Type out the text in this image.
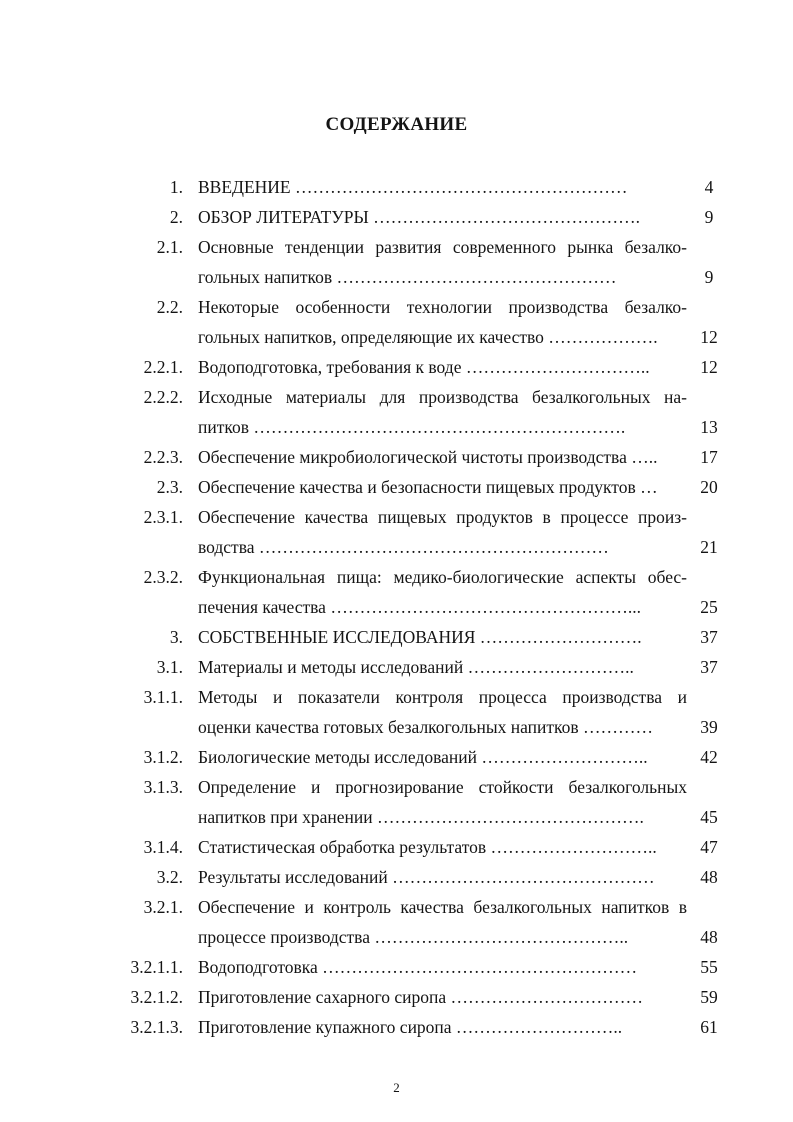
СОДЕРЖАНИЕ
1. ВВЕДЕНИЕ …………………………………………………	4
2. ОБЗОР ЛИТЕРАТУРЫ ……………………………………….	9
2.1. Основные тенденции развития современного рынка безалко-
гольных напитков …………………………………………	9
2.2. Некоторые особенности технологии производства безалко-
гольных напитков, определяющие их качество ……………….	12
2.2.1. Водоподготовка, требования к воде …………………………..	12
2.2.2. Исходные материалы для производства безалкогольных на-
питков ……………………………………………………….	13
2.2.3. Обеспечение микробиологической чистоты производства …..	17
2.3. Обеспечение качества и безопасности пищевых продуктов …	20
2.3.1. Обеспечение качества пищевых продуктов в процессе произ-
водства ……………………………………………………	21
2.3.2. Функциональная пища: медико-биологические аспекты обес-
печения качества ……………………………………………...	25
3. СОБСТВЕННЫЕ ИССЛЕДОВАНИЯ ……………………….	37
3.1. Материалы и методы исследований ………………………..	37
3.1.1. Методы и показатели контроля процесса производства и
оценки качества готовых безалкогольных напитков …………	39
3.1.2. Биологические методы исследований ………………………..	42
3.1.3. Определение и прогнозирование стойкости безалкогольных
напитков при хранении ……………………………………….	45
3.1.4. Статистическая обработка результатов ………………………..	47
3.2. Результаты исследований ………………………………………	48
3.2.1. Обеспечение и контроль качества безалкогольных напитков в
процессе производства ……………………………………..	48
3.2.1.1. Водоподготовка ………………………………………………	55
3.2.1.2. Приготовление сахарного сиропа ……………………………	59
3.2.1.3. Приготовление купажного сиропа ………………………..	61
2
